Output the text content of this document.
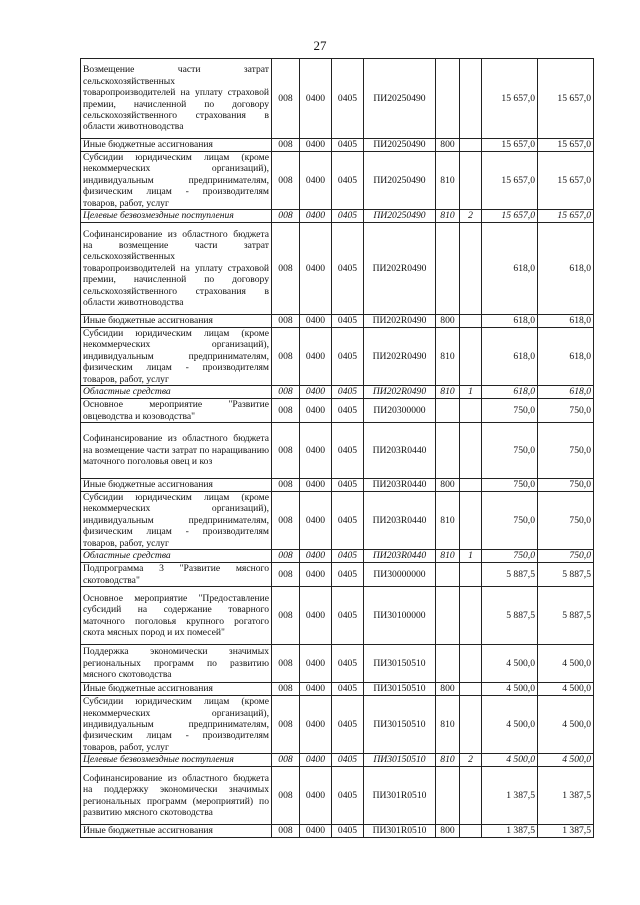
27
Возмещение части затрат сельскохозяйственных товаропроизводителей на уплату страховой премии, начисленной по договору сельскохозяйственного страхования в области животноводства	008	0400	0405	ПИ20250490			15 657,0	15 657,0
Иные бюджетные ассигнования	008	0400	0405	ПИ20250490	800		15 657,0	15 657,0
Субсидии юридическим лицам (кроме некоммерческих организаций), индивидуальным предпринимателям, физическим лицам - производителям товаров, работ, услуг	008	0400	0405	ПИ20250490	810		15 657,0	15 657,0
Целевые безвозмездные поступления	008	0400	0405	ПИ20250490	810	2	15 657,0	15 657,0
Софинансирование из областного бюджета на возмещение части затрат сельскохозяйственных товаропроизводителей на уплату страховой премии, начисленной по договору сельскохозяйственного страхования в области животноводства	008	0400	0405	ПИ202R0490			618,0	618,0
Иные бюджетные ассигнования	008	0400	0405	ПИ202R0490	800		618,0	618,0
Субсидии юридическим лицам (кроме некоммерческих организаций), индивидуальным предпринимателям, физическим лицам - производителям товаров, работ, услуг	008	0400	0405	ПИ202R0490	810		618,0	618,0
Областные средства	008	0400	0405	ПИ202R0490	810	1	618,0	618,0
Основное мероприятие "Развитие овцеводства и козоводства"	008	0400	0405	ПИ20300000			750,0	750,0
Софинансирование из областного бюджета на возмещение части затрат по наращиванию маточного поголовья овец и коз	008	0400	0405	ПИ203R0440			750,0	750,0
Иные бюджетные ассигнования	008	0400	0405	ПИ203R0440	800		750,0	750,0
Субсидии юридическим лицам (кроме некоммерческих организаций), индивидуальным предпринимателям, физическим лицам - производителям товаров, работ, услуг	008	0400	0405	ПИ203R0440	810		750,0	750,0
Областные средства	008	0400	0405	ПИ203R0440	810	1	750,0	750,0
Подпрограмма 3 "Развитие мясного скотоводства"	008	0400	0405	ПИ30000000			5 887,5	5 887,5
Основное мероприятие "Предоставление субсидий на содержание товарного маточного поголовья крупного рогатого скота мясных пород и их помесей"	008	0400	0405	ПИ30100000			5 887,5	5 887,5
Поддержка экономически значимых региональных программ по развитию мясного скотоводства	008	0400	0405	ПИ30150510			4 500,0	4 500,0
Иные бюджетные ассигнования	008	0400	0405	ПИ30150510	800		4 500,0	4 500,0
Субсидии юридическим лицам (кроме некоммерческих организаций), индивидуальным предпринимателям, физическим лицам - производителям товаров, работ, услуг	008	0400	0405	ПИ30150510	810		4 500,0	4 500,0
Целевые безвозмездные поступления	008	0400	0405	ПИ30150510	810	2	4 500,0	4 500,0
Софинансирование из областного бюджета на поддержку экономически значимых региональных программ (мероприятий) по развитию мясного скотоводства	008	0400	0405	ПИ301R0510			1 387,5	1 387,5
Иные бюджетные ассигнования	008	0400	0405	ПИ301R0510	800		1 387,5	1 387,5
